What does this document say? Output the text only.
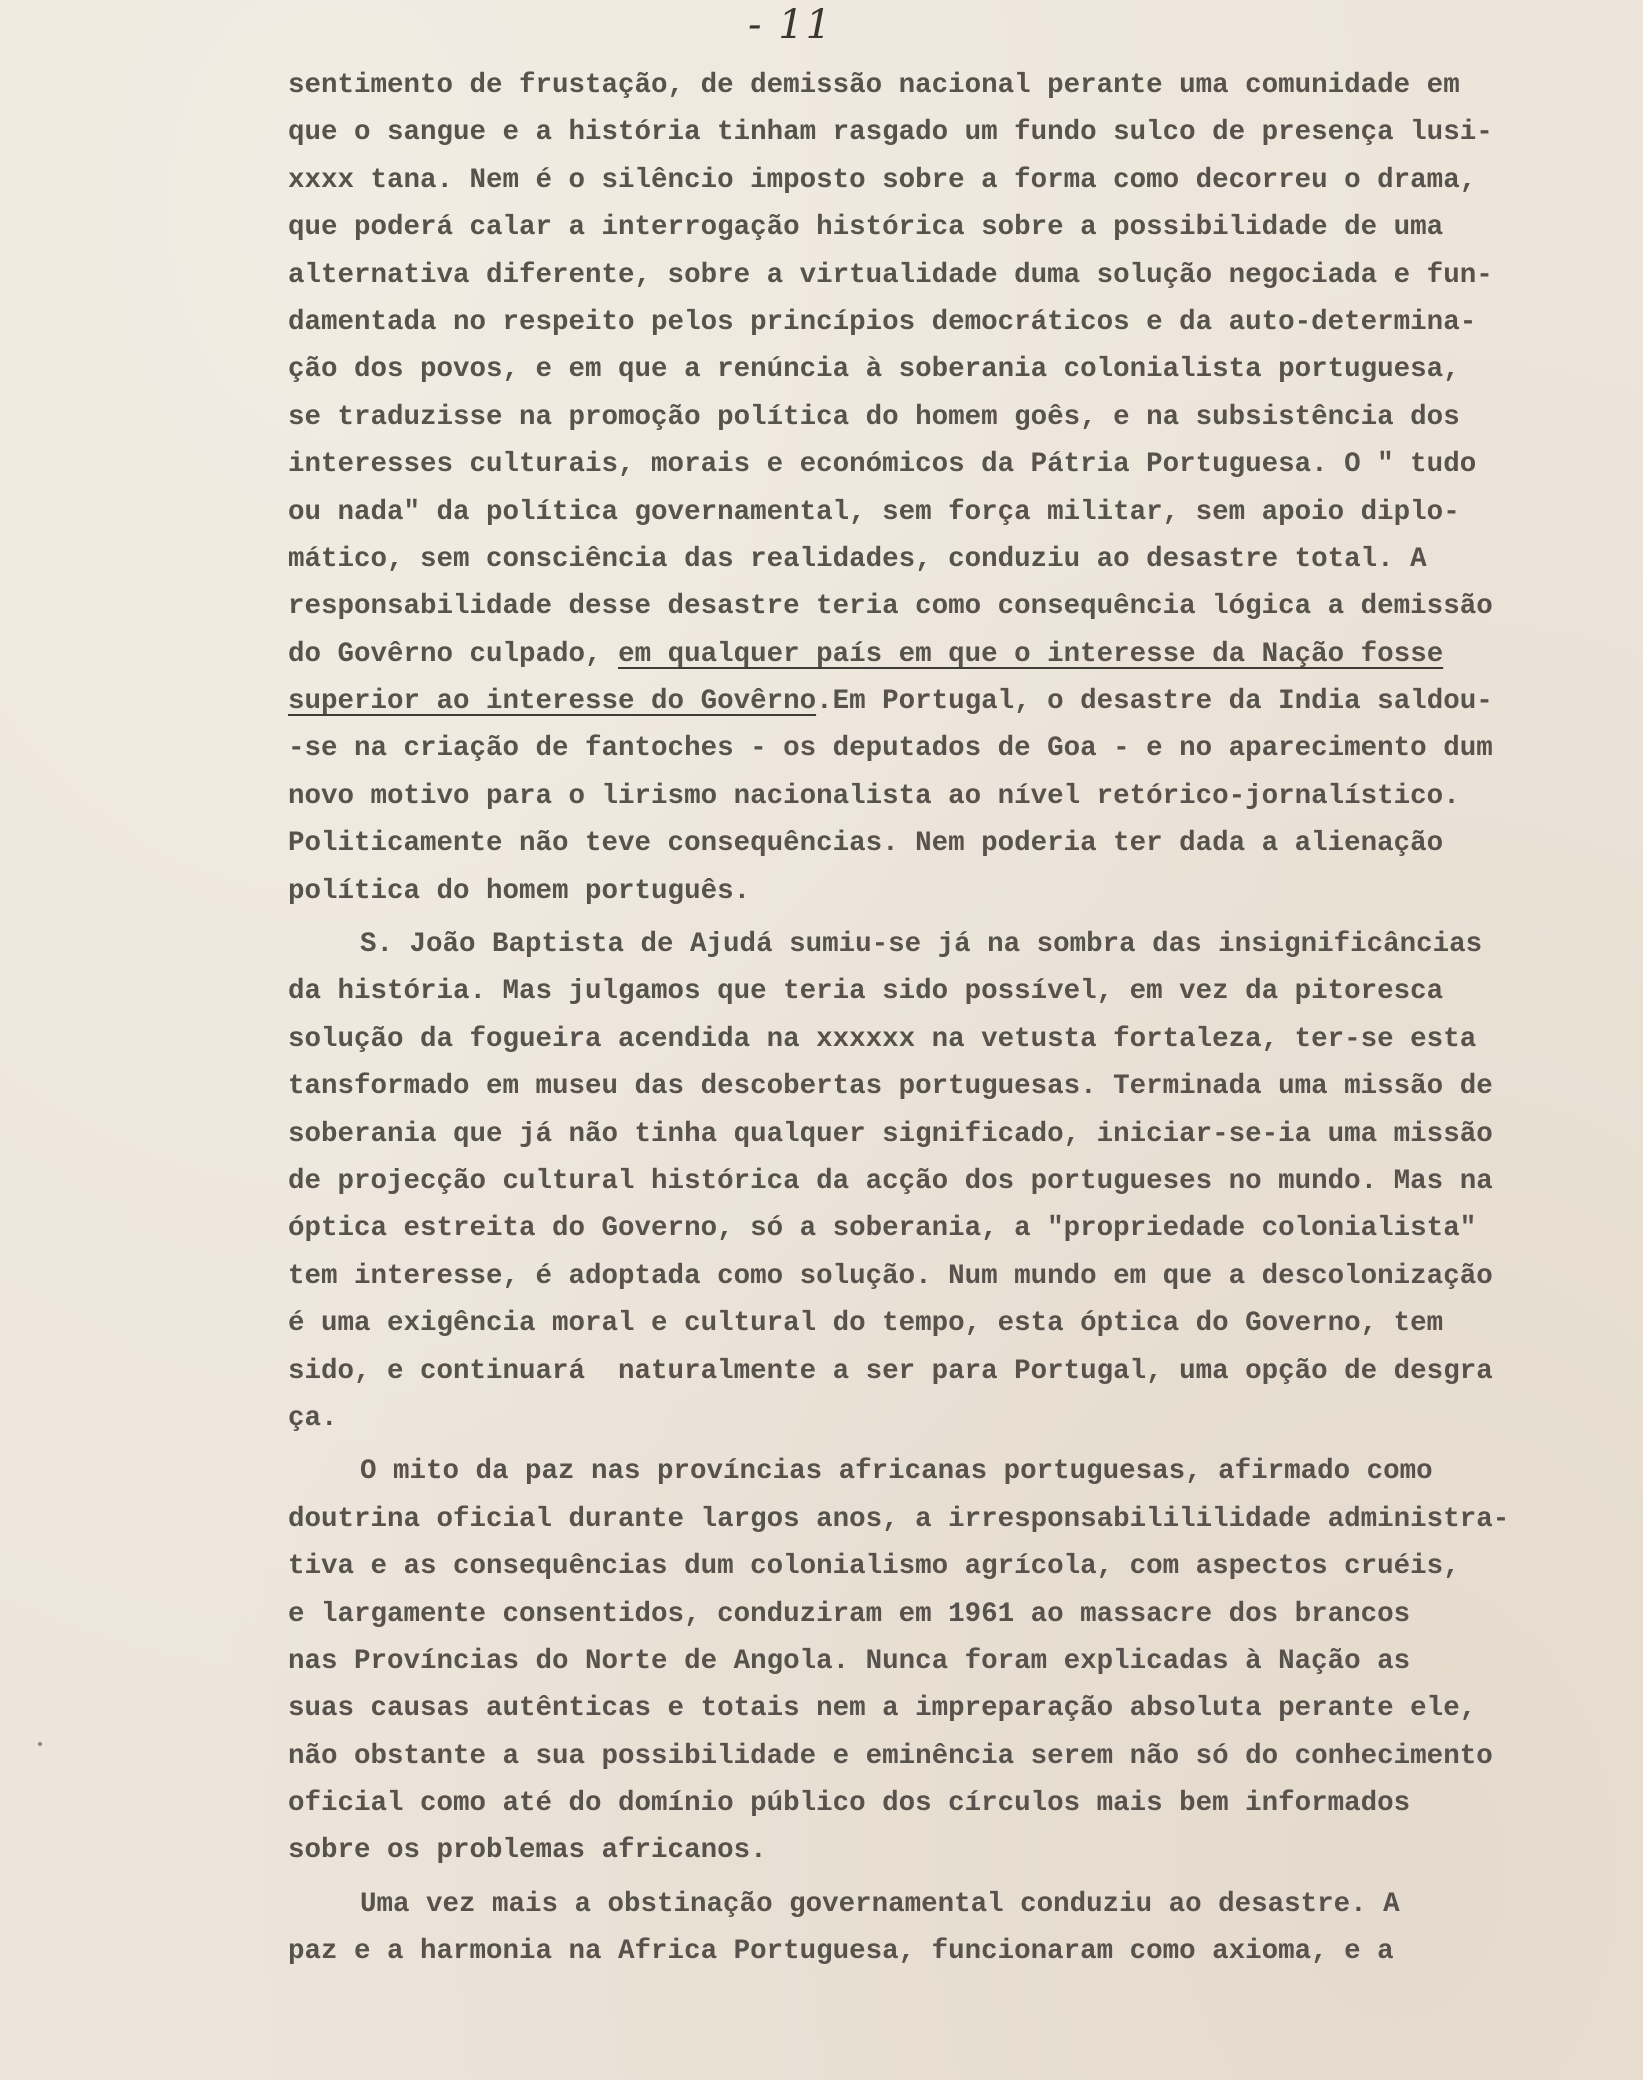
- 11
sentimento de frustação, de demissão nacional perante uma comunidade em
que o sangue e a história tinham rasgado um fundo sulco de presença lusi-
xxxx tana. Nem é o silêncio imposto sobre a forma como decorreu o drama,
que poderá calar a interrogação histórica sobre a possibilidade de uma
alternativa diferente, sobre a virtualidade duma solução negociada e fun-
damentada no respeito pelos princípios democráticos e da auto-determina-
ção dos povos, e em que a renúncia à soberania colonialista portuguesa,
se traduzisse na promoção política do homem goês, e na subsistência dos
interesses culturais, morais e económicos da Pátria Portuguesa. O " tudo
ou nada" da política governamental, sem força militar, sem apoio diplo-
mático, sem consciência das realidades, conduziu ao desastre total. A
responsabilidade desse desastre teria como consequência lógica a demissão
do Govêrno culpado, em qualquer país em que o interesse da Nação fosse
superior ao interesse do Govêrno.Em Portugal, o desastre da India saldou-
-se na criação de fantoches - os deputados de Goa - e no aparecimento dum
novo motivo para o lirismo nacionalista ao nível retórico-jornalístico.
Politicamente não teve consequências. Nem poderia ter dada a alienação
política do homem português.
S. João Baptista de Ajudá sumiu-se já na sombra das insignificâncias
da história. Mas julgamos que teria sido possível, em vez da pitoresca
solução da fogueira acendida na xxxxxx na vetusta fortaleza, ter-se esta
tansformado em museu das descobertas portuguesas. Terminada uma missão de
soberania que já não tinha qualquer significado, iniciar-se-ia uma missão
de projecção cultural histórica da acção dos portugueses no mundo. Mas na
óptica estreita do Governo, só a soberania, a "propriedade colonialista"
tem interesse, é adoptada como solução. Num mundo em que a descolonização
é uma exigência moral e cultural do tempo, esta óptica do Governo, tem
sido, e continuará  naturalmente a ser para Portugal, uma opção de desgra
ça.
O mito da paz nas províncias africanas portuguesas, afirmado como
doutrina oficial durante largos anos, a irresponsabilililidade administra-
tiva e as consequências dum colonialismo agrícola, com aspectos cruéis,
e largamente consentidos, conduziram em 1961 ao massacre dos brancos
nas Províncias do Norte de Angola. Nunca foram explicadas à Nação as
suas causas autênticas e totais nem a impreparação absoluta perante ele,
não obstante a sua possibilidade e eminência serem não só do conhecimento
oficial como até do domínio público dos círculos mais bem informados
sobre os problemas africanos.
Uma vez mais a obstinação governamental conduziu ao desastre. A
paz e a harmonia na Africa Portuguesa, funcionaram como axioma, e a
